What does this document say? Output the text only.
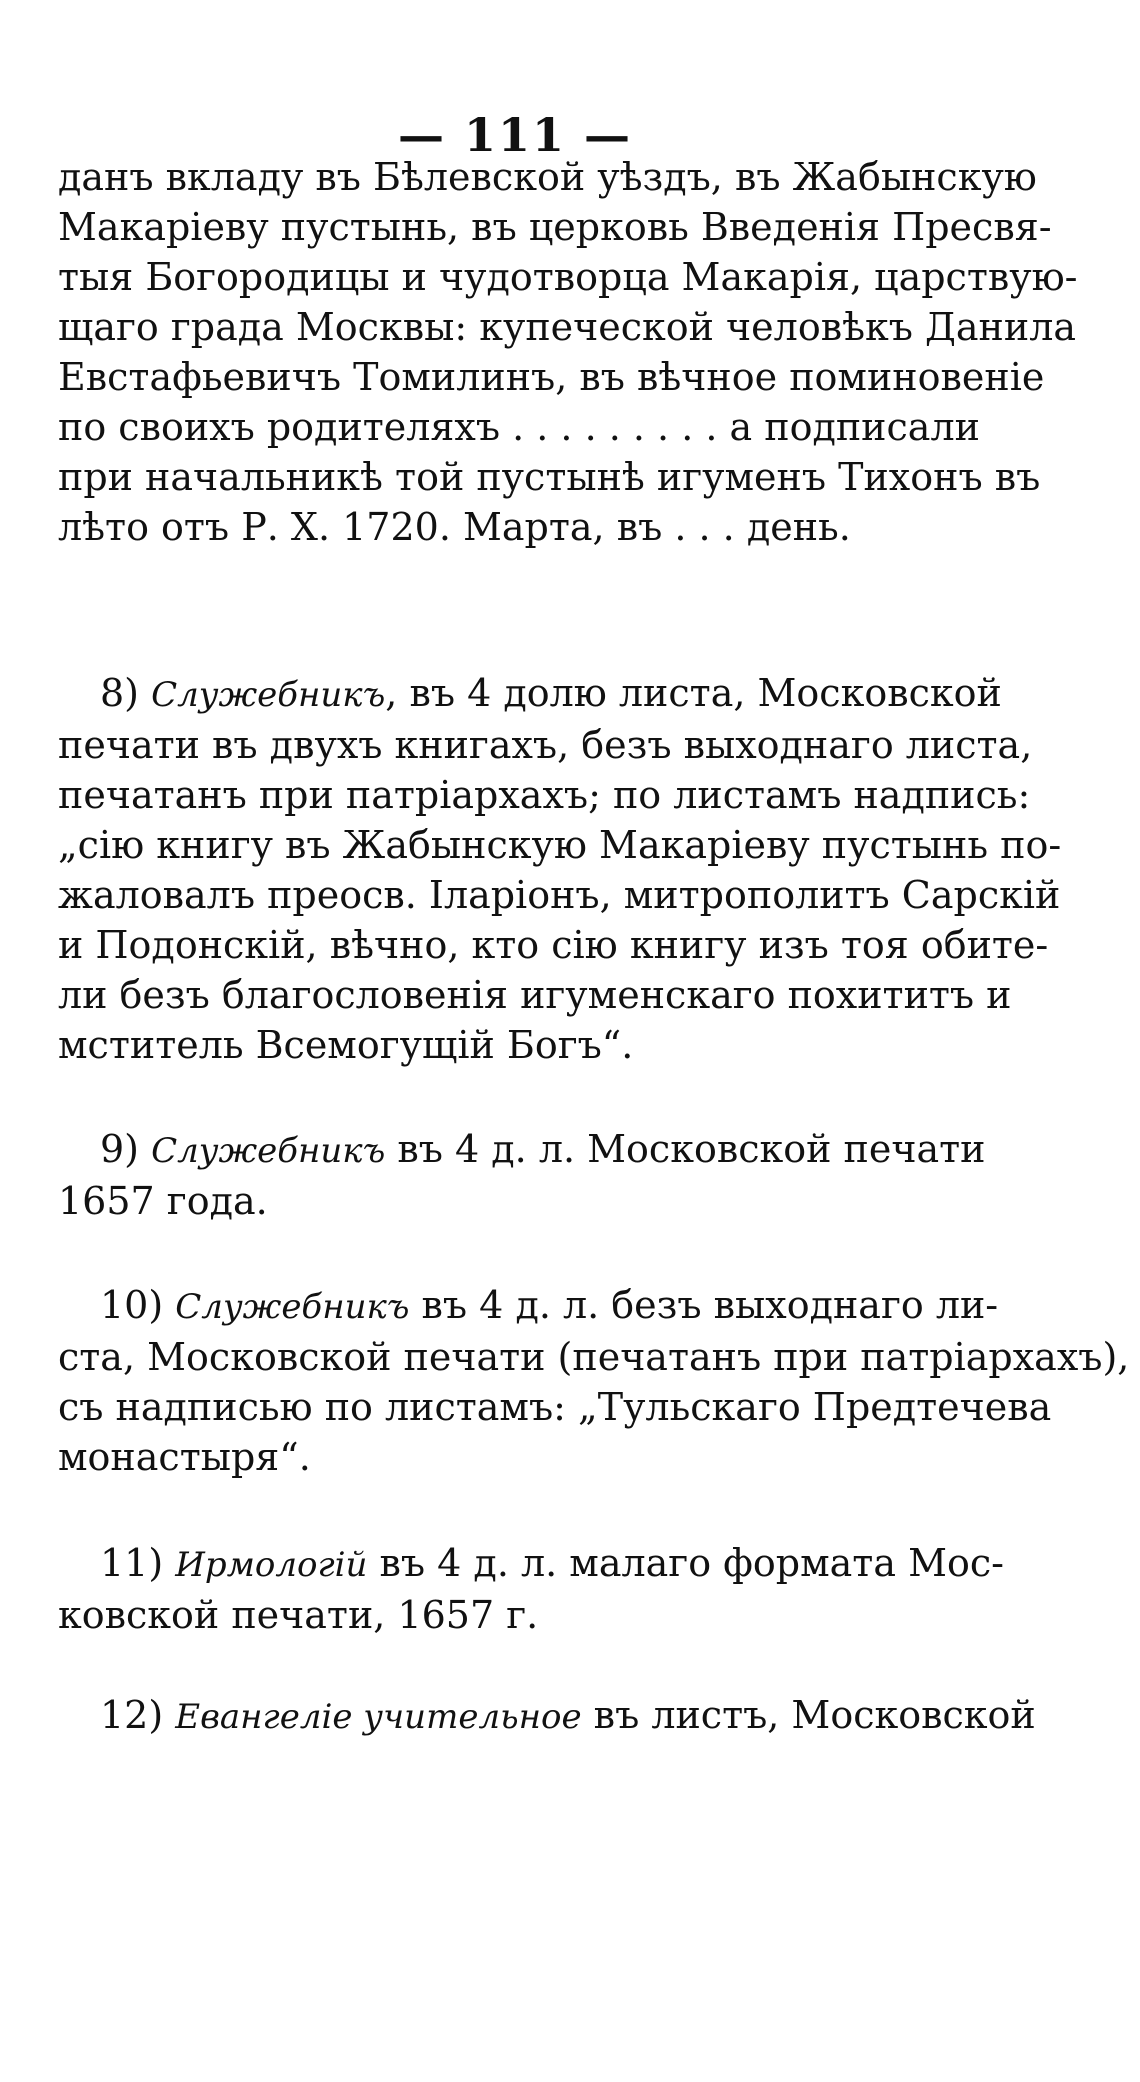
— 111 —
данъ вкладу въ Бѣлевской уѣздъ, въ Жабынскую
Макаріеву пустынь, въ церковь Введенія Пресвя-
тыя Богородицы и чудотворца Макарія, царствую-
щаго града Москвы: купеческой человѣкъ Данила
Евстафьевичъ Томилинъ, въ вѣчное поминовеніе
по своихъ родителяхъ . . . . . . . . . а подписали
при начальникѣ той пустынѣ игуменъ Тихонъ въ
лѣто отъ Р. Х. 1720. Марта, въ . . . день.
8) Служебникъ, въ 4 долю листа, Московской
печати въ двухъ книгахъ, безъ выходнаго листа,
печатанъ при патріархахъ; по листамъ надпись:
„сію книгу въ Жабынскую Макаріеву пустынь по-
жаловалъ преосв. Іларіонъ, митрополитъ Сарскій
и Подонскій, вѣчно, кто сію книгу изъ тоя обите-
ли безъ благословенія игуменскаго похититъ и
мститель Всемогущій Богъ“.
9) Служебникъ въ 4 д. л. Московской печати
1657 года.
10) Служебникъ въ 4 д. л. безъ выходнаго ли-
ста, Московской печати (печатанъ при патріархахъ),
съ надписью по листамъ: „Тульскаго Предтечева
монастыря“.
11) Ирмологій въ 4 д. л. малаго формата Мос-
ковской печати, 1657 г.
12) Евангеліе учительное въ листъ, Московской
